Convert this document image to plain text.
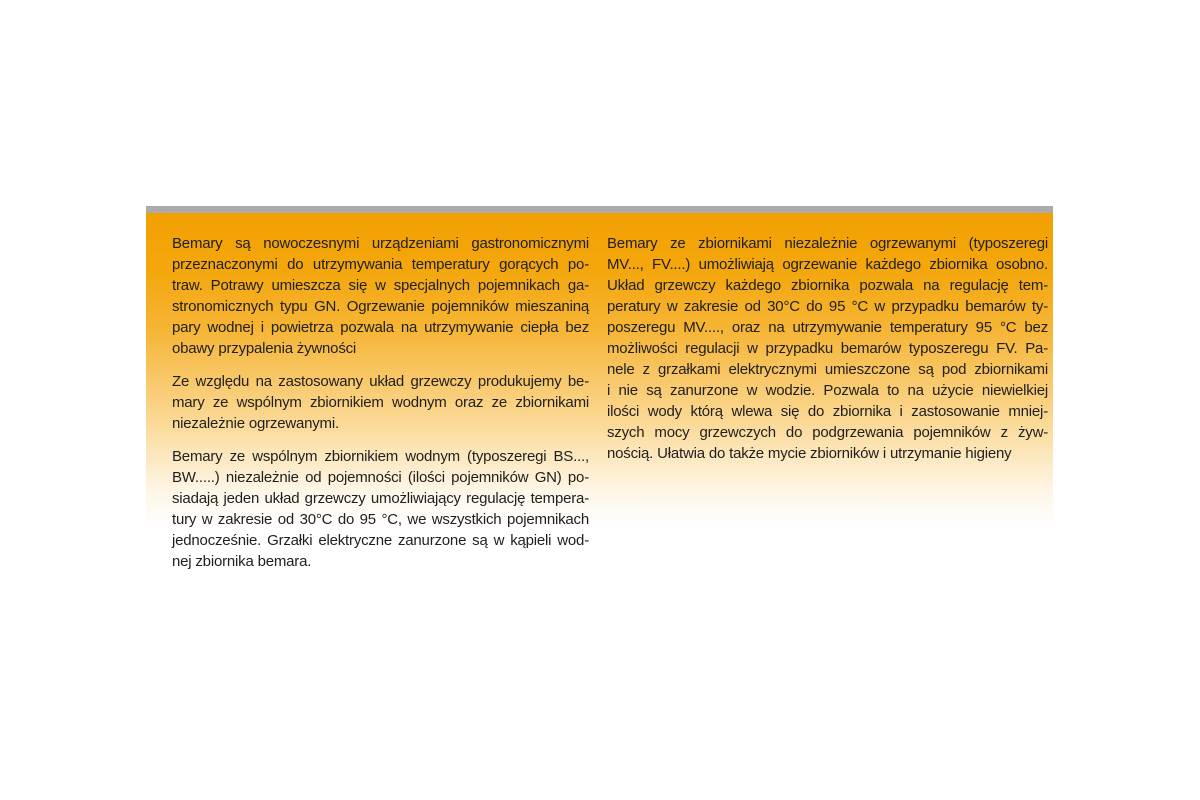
Bemary są nowoczesnymi urządzeniami gastronomicznymi
przeznaczonymi do utrzymywania temperatury gorących po-
traw. Potrawy umieszcza się w specjalnych pojemnikach ga-
stronomicznych typu GN. Ogrzewanie pojemników mieszaniną
pary wodnej i powietrza pozwala na utrzymywanie ciepła bez
obawy przypalenia żywności

Ze względu na zastosowany układ grzewczy produkujemy be-
mary ze wspólnym zbiornikiem wodnym oraz ze zbiornikami
niezależnie ogrzewanymi.

Bemary ze wspólnym zbiornikiem wodnym (typoszeregi BS...,
BW.....) niezależnie od pojemności (ilości pojemników GN) po-
siadają jeden układ grzewczy umożliwiający regulację tempera-
tury w zakresie od 30°C do 95 °C, we wszystkich pojemnikach
jednocześnie. Grzałki elektryczne zanurzone są w kąpieli wod-
nej zbiornika bemara.

Bemary ze zbiornikami niezależnie ogrzewanymi (typoszeregi
MV..., FV....) umożliwiają ogrzewanie każdego zbiornika osobno.
Układ grzewczy każdego zbiornika pozwala na regulację tem-
peratury w zakresie od 30°C do 95 °C w przypadku bemarów ty-
poszeregu MV...., oraz na utrzymywanie temperatury 95 °C bez
możliwości regulacji w przypadku bemarów typoszeregu FV. Pa-
nele z grzałkami elektrycznymi umieszczone są pod zbiornikami
i nie są zanurzone w wodzie. Pozwala to na użycie niewielkiej
ilości wody którą wlewa się do zbiornika i zastosowanie mniej-
szych mocy grzewczych do podgrzewania pojemników z żyw-
nością. Ułatwia do także mycie zbiorników i utrzymanie higieny
